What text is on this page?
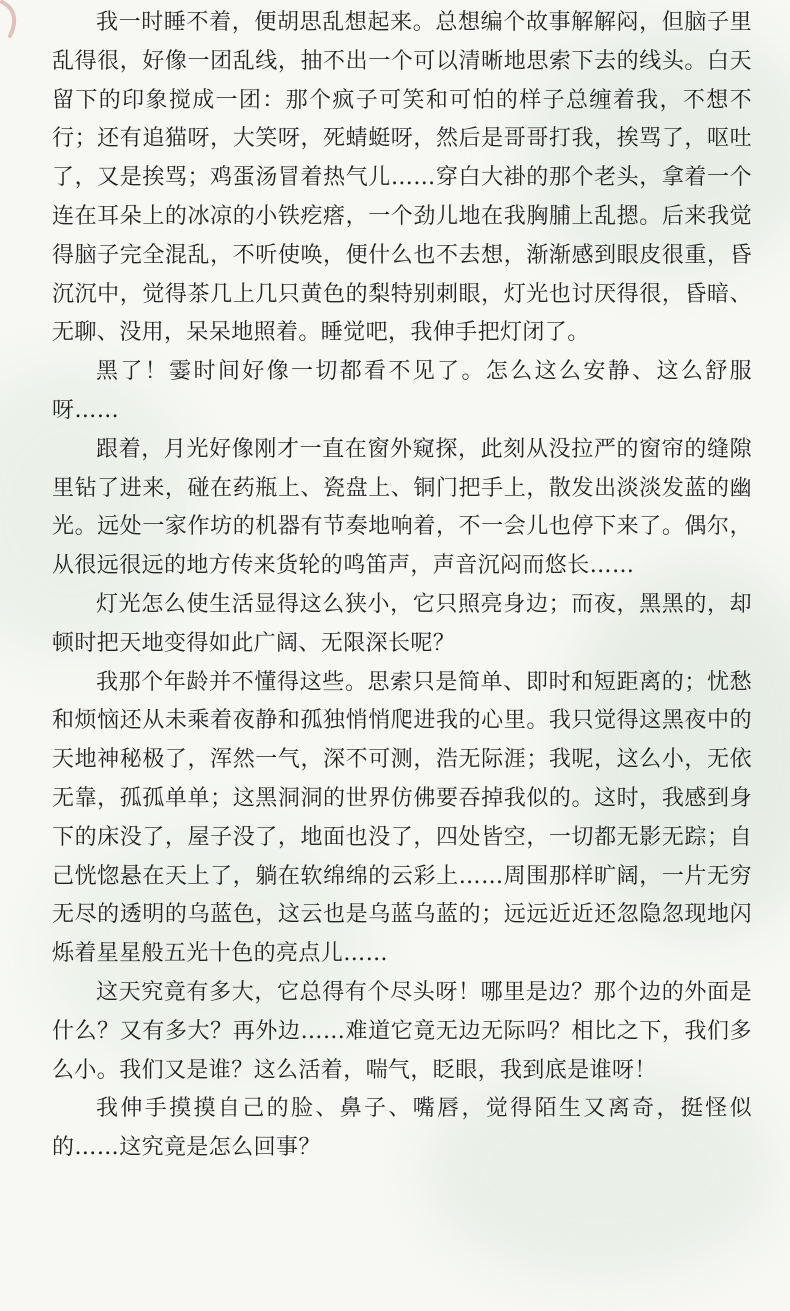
我一时睡不着，便胡思乱想起来。总想编个故事解解闷，但脑子里乱得很，好像一团乱线，抽不出一个可以清晰地思索下去的线头。白天留下的印象搅成一团：那个疯子可笑和可怕的样子总缠着我，不想不行；还有追猫呀，大笑呀，死蜻蜓呀，然后是哥哥打我，挨骂了，呕吐了，又是挨骂；鸡蛋汤冒着热气儿……穿白大褂的那个老头，拿着一个连在耳朵上的冰凉的小铁疙瘩，一个劲儿地在我胸脯上乱摁。后来我觉得脑子完全混乱，不听使唤，便什么也不去想，渐渐感到眼皮很重，昏沉沉中，觉得茶几上几只黄色的梨特别刺眼，灯光也讨厌得很，昏暗、无聊、没用，呆呆地照着。睡觉吧，我伸手把灯闭了。

黑了！霎时间好像一切都看不见了。怎么这么安静、这么舒服呀……

跟着，月光好像刚才一直在窗外窥探，此刻从没拉严的窗帘的缝隙里钻了进来，碰在药瓶上、瓷盘上、铜门把手上，散发出淡淡发蓝的幽光。远处一家作坊的机器有节奏地响着，不一会儿也停下来了。偶尔，从很远很远的地方传来货轮的鸣笛声，声音沉闷而悠长……

灯光怎么使生活显得这么狭小，它只照亮身边；而夜，黑黑的，却顿时把天地变得如此广阔、无限深长呢？

我那个年龄并不懂得这些。思索只是简单、即时和短距离的；忧愁和烦恼还从未乘着夜静和孤独悄悄爬进我的心里。我只觉得这黑夜中的天地神秘极了，浑然一气，深不可测，浩无际涯；我呢，这么小，无依无靠，孤孤单单；这黑洞洞的世界仿佛要吞掉我似的。这时，我感到身下的床没了，屋子没了，地面也没了，四处皆空，一切都无影无踪；自己恍惚悬在天上了，躺在软绵绵的云彩上……周围那样旷阔，一片无穷无尽的透明的乌蓝色，这云也是乌蓝乌蓝的；远远近近还忽隐忽现地闪烁着星星般五光十色的亮点儿……

这天究竟有多大，它总得有个尽头呀！哪里是边？那个边的外面是什么？又有多大？再外边……难道它竟无边无际吗？相比之下，我们多么小。我们又是谁？这么活着，喘气，眨眼，我到底是谁呀！

我伸手摸摸自己的脸、鼻子、嘴唇，觉得陌生又离奇，挺怪似的……这究竟是怎么回事？
